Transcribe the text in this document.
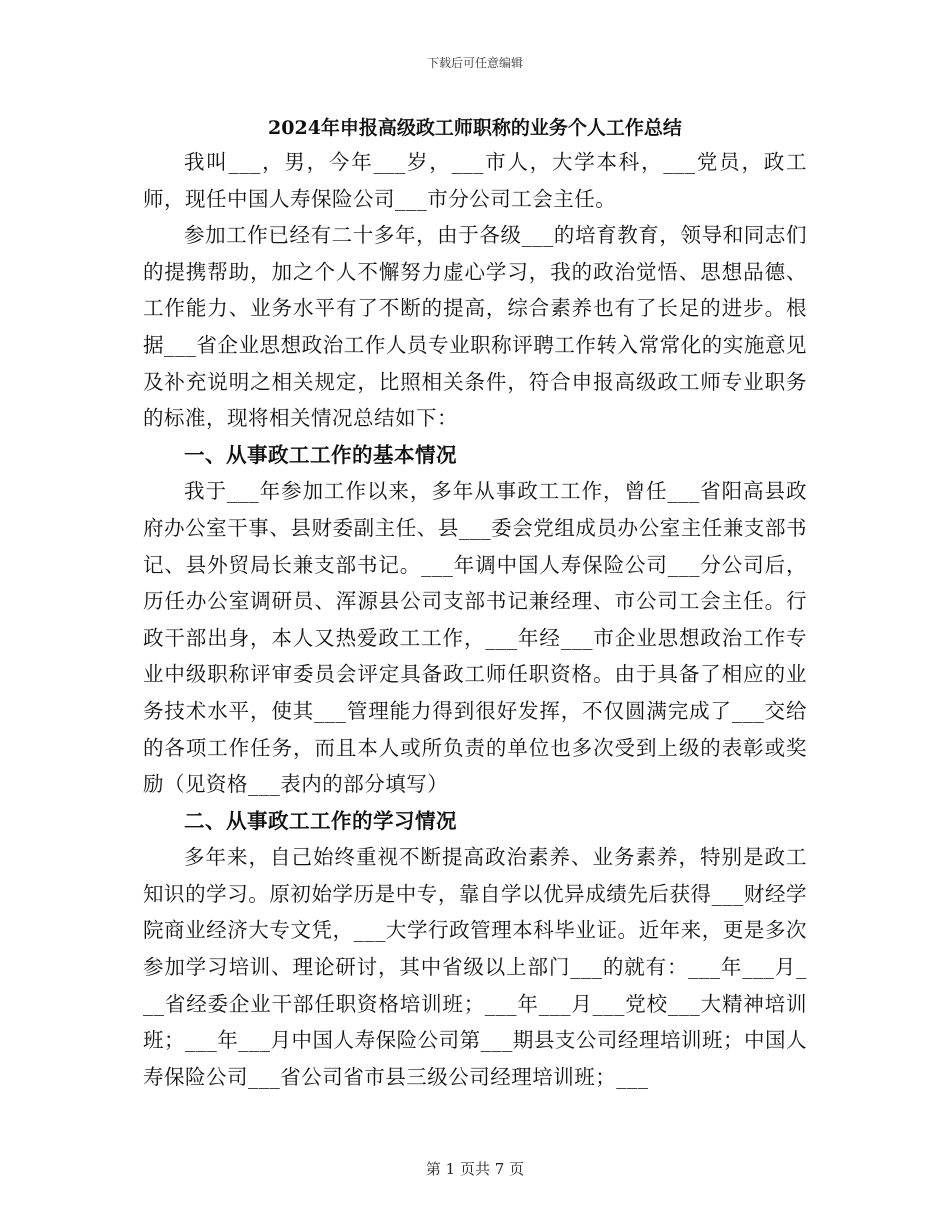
下载后可任意编辑
2024年申报高级政工师职称的业务个人工作总结

我叫___，男，今年___岁，___市人，大学本科，___党员，政工师，现任中国人寿保险公司___市分公司工会主任。

参加工作已经有二十多年，由于各级___的培育教育，领导和同志们的提携帮助，加之个人不懈努力虚心学习，我的政治觉悟、思想品德、工作能力、业务水平有了不断的提高，综合素养也有了长足的进步。根据___省企业思想政治工作人员专业职称评聘工作转入常常化的实施意见及补充说明之相关规定，比照相关条件，符合申报高级政工师专业职务的标准，现将相关情况总结如下：

一、从事政工工作的基本情况

我于___年参加工作以来，多年从事政工工作，曾任___省阳高县政府办公室干事、县财委副主任、县___委会党组成员办公室主任兼支部书记、县外贸局长兼支部书记。___年调中国人寿保险公司___分公司后，历任办公室调研员、浑源县公司支部书记兼经理、市公司工会主任。行政干部出身，本人又热爱政工工作，___年经___市企业思想政治工作专业中级职称评审委员会评定具备政工师任职资格。由于具备了相应的业务技术水平，使其___管理能力得到很好发挥，不仅圆满完成了___交给的各项工作任务，而且本人或所负责的单位也多次受到上级的表彰或奖励（见资格___表内的部分填写）

二、从事政工工作的学习情况

多年来，自己始终重视不断提高政治素养、业务素养，特别是政工知识的学习。原初始学历是中专，靠自学以优异成绩先后获得___财经学院商业经济大专文凭，___大学行政管理本科毕业证。近年来，更是多次参加学习培训、理论研讨，其中省级以上部门___的就有：___年___月___省经委企业干部任职资格培训班；___年___月___党校___大精神培训班；___年___月中国人寿保险公司第___期县支公司经理培训班；中国人寿保险公司___省公司省市县三级公司经理培训班；___

第 1 页共 7 页
